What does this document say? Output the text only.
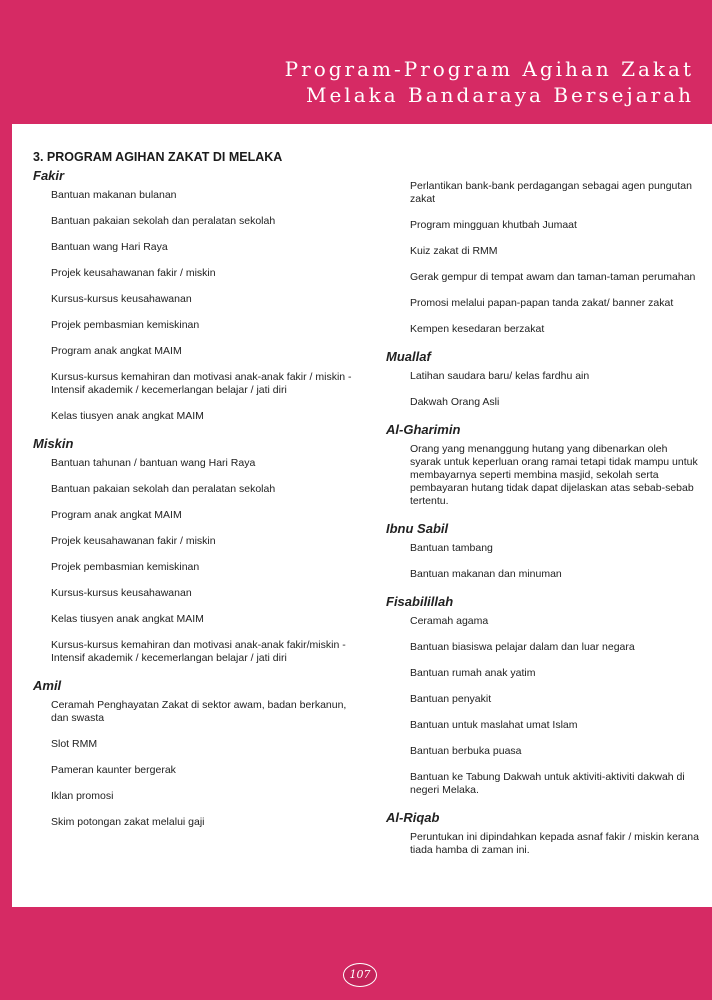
Program-Program Agihan Zakat
Melaka Bandaraya Bersejarah
3. PROGRAM AGIHAN ZAKAT DI MELAKA
Fakir
Bantuan makanan bulanan
Bantuan pakaian sekolah dan peralatan sekolah
Bantuan wang Hari Raya
Projek keusahawanan fakir / miskin
Kursus-kursus keusahawanan
Projek pembasmian kemiskinan
Program anak angkat MAIM
Kursus-kursus kemahiran dan motivasi anak-anak fakir / miskin - Intensif akademik / kecemerlangan belajar / jati diri
Kelas tiusyen anak angkat MAIM
Miskin
Bantuan tahunan / bantuan wang Hari Raya
Bantuan pakaian sekolah dan peralatan sekolah
Program anak angkat MAIM
Projek keusahawanan fakir / miskin
Projek pembasmian kemiskinan
Kursus-kursus keusahawanan
Kelas tiusyen anak angkat MAIM
Kursus-kursus kemahiran dan motivasi anak-anak fakir/miskin - Intensif akademik / kecemerlangan belajar / jati diri
Amil
Ceramah Penghayatan Zakat di sektor awam, badan berkanun, dan swasta
Slot RMM
Pameran kaunter bergerak
Iklan promosi
Skim potongan zakat melalui gaji
Perlantikan bank-bank perdagangan sebagai agen pungutan zakat
Program mingguan khutbah Jumaat
Kuiz zakat di RMM
Gerak gempur di tempat awam dan taman-taman perumahan
Promosi melalui papan-papan tanda zakat/ banner zakat
Kempen kesedaran berzakat
Muallaf
Latihan saudara baru/ kelas fardhu ain
Dakwah Orang Asli
Al-Gharimin
Orang yang menanggung hutang yang dibenarkan oleh syarak untuk keperluan orang ramai tetapi tidak mampu untuk membayarnya seperti membina masjid, sekolah serta pembayaran hutang tidak dapat dijelaskan atas sebab-sebab tertentu.
Ibnu Sabil
Bantuan tambang
Bantuan makanan dan minuman
Fisabilillah
Ceramah agama
Bantuan biasiswa pelajar dalam dan luar negara
Bantuan rumah anak yatim
Bantuan penyakit
Bantuan untuk maslahat umat Islam
Bantuan berbuka puasa
Bantuan ke Tabung Dakwah untuk aktiviti-aktiviti dakwah di negeri Melaka.
Al-Riqab
Peruntukan ini dipindahkan kepada asnaf fakir / miskin kerana tiada hamba di zaman ini.
107
